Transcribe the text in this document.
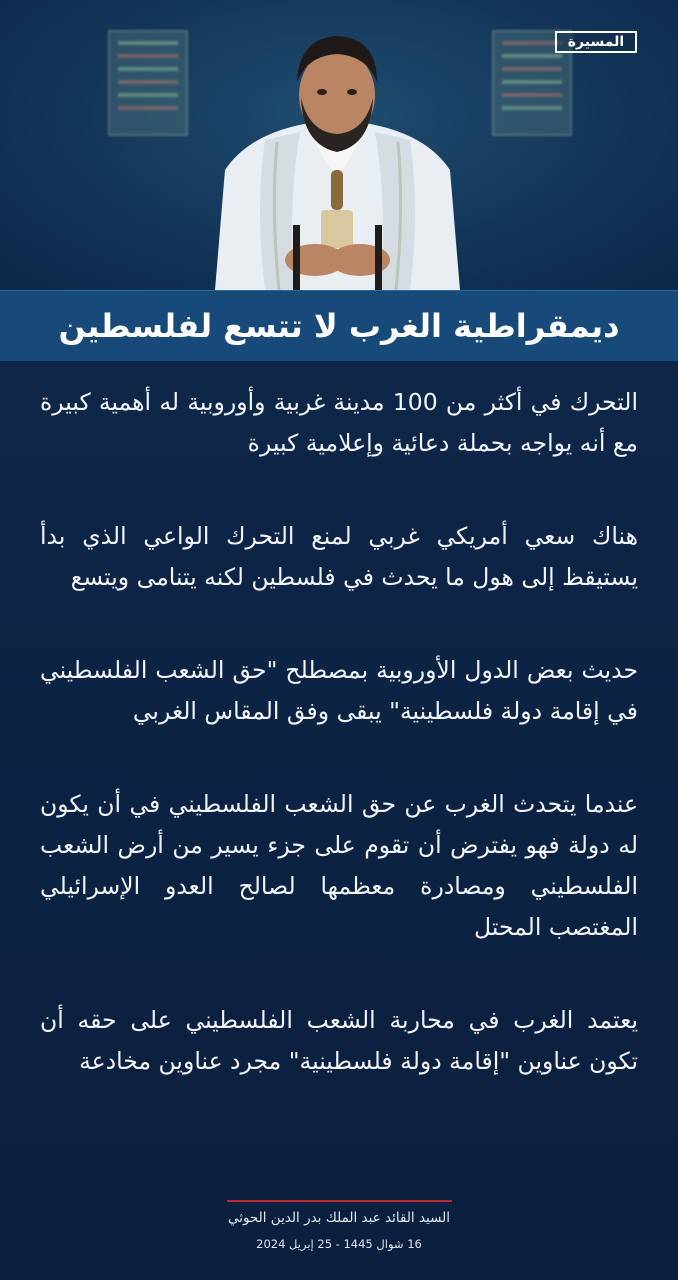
المسيرة
ديمقراطية الغرب لا تتسع لفلسطين

التحرك في أكثر من 100 مدينة غربية وأوروبية له أهمية كبيرة مع أنه يواجه بحملة دعائية وإعلامية كبيرة

هناك سعي أمريكي غربي لمنع التحرك الواعي الذي بدأ يستيقظ إلى هول ما يحدث في فلسطين لكنه يتنامى ويتسع

حديث بعض الدول الأوروبية بمصطلح "حق الشعب الفلسطيني في إقامة دولة فلسطينية" يبقى وفق المقاس الغربي

عندما يتحدث الغرب عن حق الشعب الفلسطيني في أن يكون له دولة فهو يفترض أن تقوم على جزء يسير من أرض الشعب الفلسطيني ومصادرة معظمها لصالح العدو الإسرائيلي المغتصب المحتل

يعتمد الغرب في محاربة الشعب الفلسطيني على حقه أن تكون عناوين "إقامة دولة فلسطينية" مجرد عناوين مخادعة

السيد القائد عبد الملك بدر الدين الحوثي
16 شوال 1445 - 25 إبريل 2024
